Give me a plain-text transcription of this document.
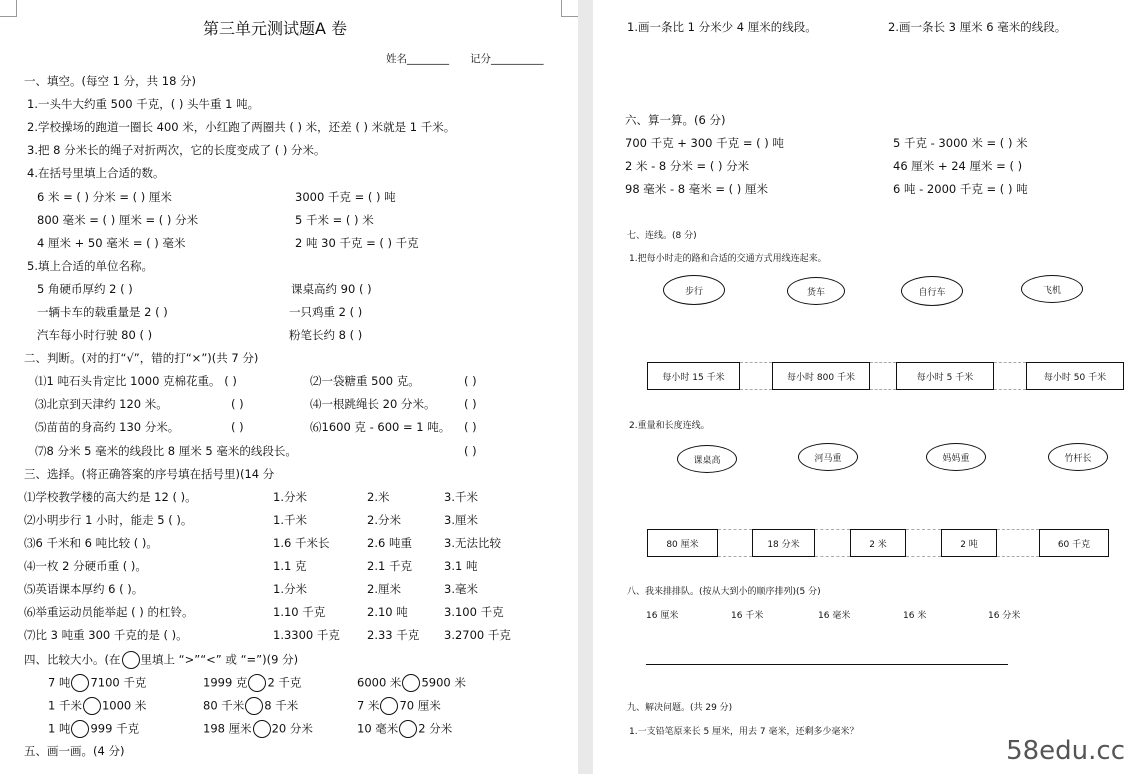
第三单元测试题A 卷
姓名________ 记分__________
一、填空。(每空 1 分，共 18 分)
1.一头牛大约重 500 千克，( ) 头牛重 1 吨。
2.学校操场的跑道一圈长 400 米，小红跑了两圈共 ( ) 米，还差 ( ) 米就是 1 千米。
3.把 8 分米长的绳子对折两次，它的长度变成了 ( ) 分米。
4.在括号里填上合适的数。
6 米 = ( ) 分米 = ( ) 厘米	3000 千克 = ( ) 吨
800 毫米 = ( ) 厘米 = ( ) 分米	5 千米 = ( ) 米
4 厘米 + 50 毫米 = ( ) 毫米	2 吨 30 千克 = ( ) 千克
5.填上合适的单位名称。
5 角硬币厚约 2 ( )	课桌高约 90 ( )
一辆卡车的载重量是 2 ( )	一只鸡重 2 ( )
汽车每小时行驶 80 ( )	粉笔长约 8 ( )
二、判断。(对的打“√”，错的打“×”)(共 7 分)
⑴1 吨石头肯定比 1000 克棉花重。 ( )	⑵一袋糖重 500 克。	( )
⑶北京到天津约 120 米。	( )	⑷一根跳绳长 20 分米。 ( )
⑸苗苗的身高约 130 分米。	( )	⑹1600 克 - 600 = 1 吨。 ( )
⑺8 分米 5 毫米的线段比 8 厘米 5 毫米的线段长。	( )
三、选择。(将正确答案的序号填在括号里)(14 分
四、比较大小。(在 里填上 “>”“<” 或 “=”)(9 分)
五、画一画。(4 分)
⑴学校教学楼的高大约是 12 ( )。	1.分米	2.米	3.千米
⑵小明步行 1 小时，能走 5 ( )。	1.千米	2.分米	3.厘米
⑶6 千米和 6 吨比较 ( )。	1.6 千米长	2.6 吨重	3.无法比较
⑷一枚 2 分硬币重 ( )。	1.1 克	2.1 千克	3.1 吨
⑸英语课本厚约 6 ( )。	1.分米	2.厘米	3.毫米
⑹举重运动员能举起 ( ) 的杠铃。	1.10 千克	2.10 吨	3.100 千克
⑺比 3 吨重 300 千克的是 ( )。	1.3300 千克 2.33 千克 3.2700 千克
7 吨 7100 千克	1999 克 2 千克	6000 米 5900 米
1 千米 1000 米	80 千米 8 千米	7 米 70 厘米
1 吨 999 千克	198 厘米 20 分米	10 毫米 2 分米
1.画一条比 1 分米少 4 厘米的线段。	2.画一条长 3 厘米 6 毫米的线段。
六、算一算。(6 分)
700 千克 + 300 千克 = ( ) 吨	5 千克 - 3000 米 = ( ) 米
2 米 - 8 分米 = ( ) 分米	46 厘米 + 24 厘米 = ( )
98 毫米 - 8 毫米 = ( ) 厘米	6 吨 - 2000 千克 = ( ) 吨
七、连线。(8 分)
1.把每小时走的路和合适的交通方式用线连起来。
步行	货车	自行车	飞机
每小时 15 千米	每小时 800 千米	每小时 5 千米	每小时 50 千米
2.重量和长度连线。
课桌高	河马重	妈妈重	竹杆长
80 厘米	18 分米	2 米	2 吨	60 千克
八、我来排排队。(按从大到小的顺序排列)(5 分)
16 厘米	16 千米	16 毫米	16 米	16 分米
九、解决问题。(共 29 分)
1.一支铅笔原来长 5 厘米，用去 7 毫米，还剩多少毫米？
58edu.cc
